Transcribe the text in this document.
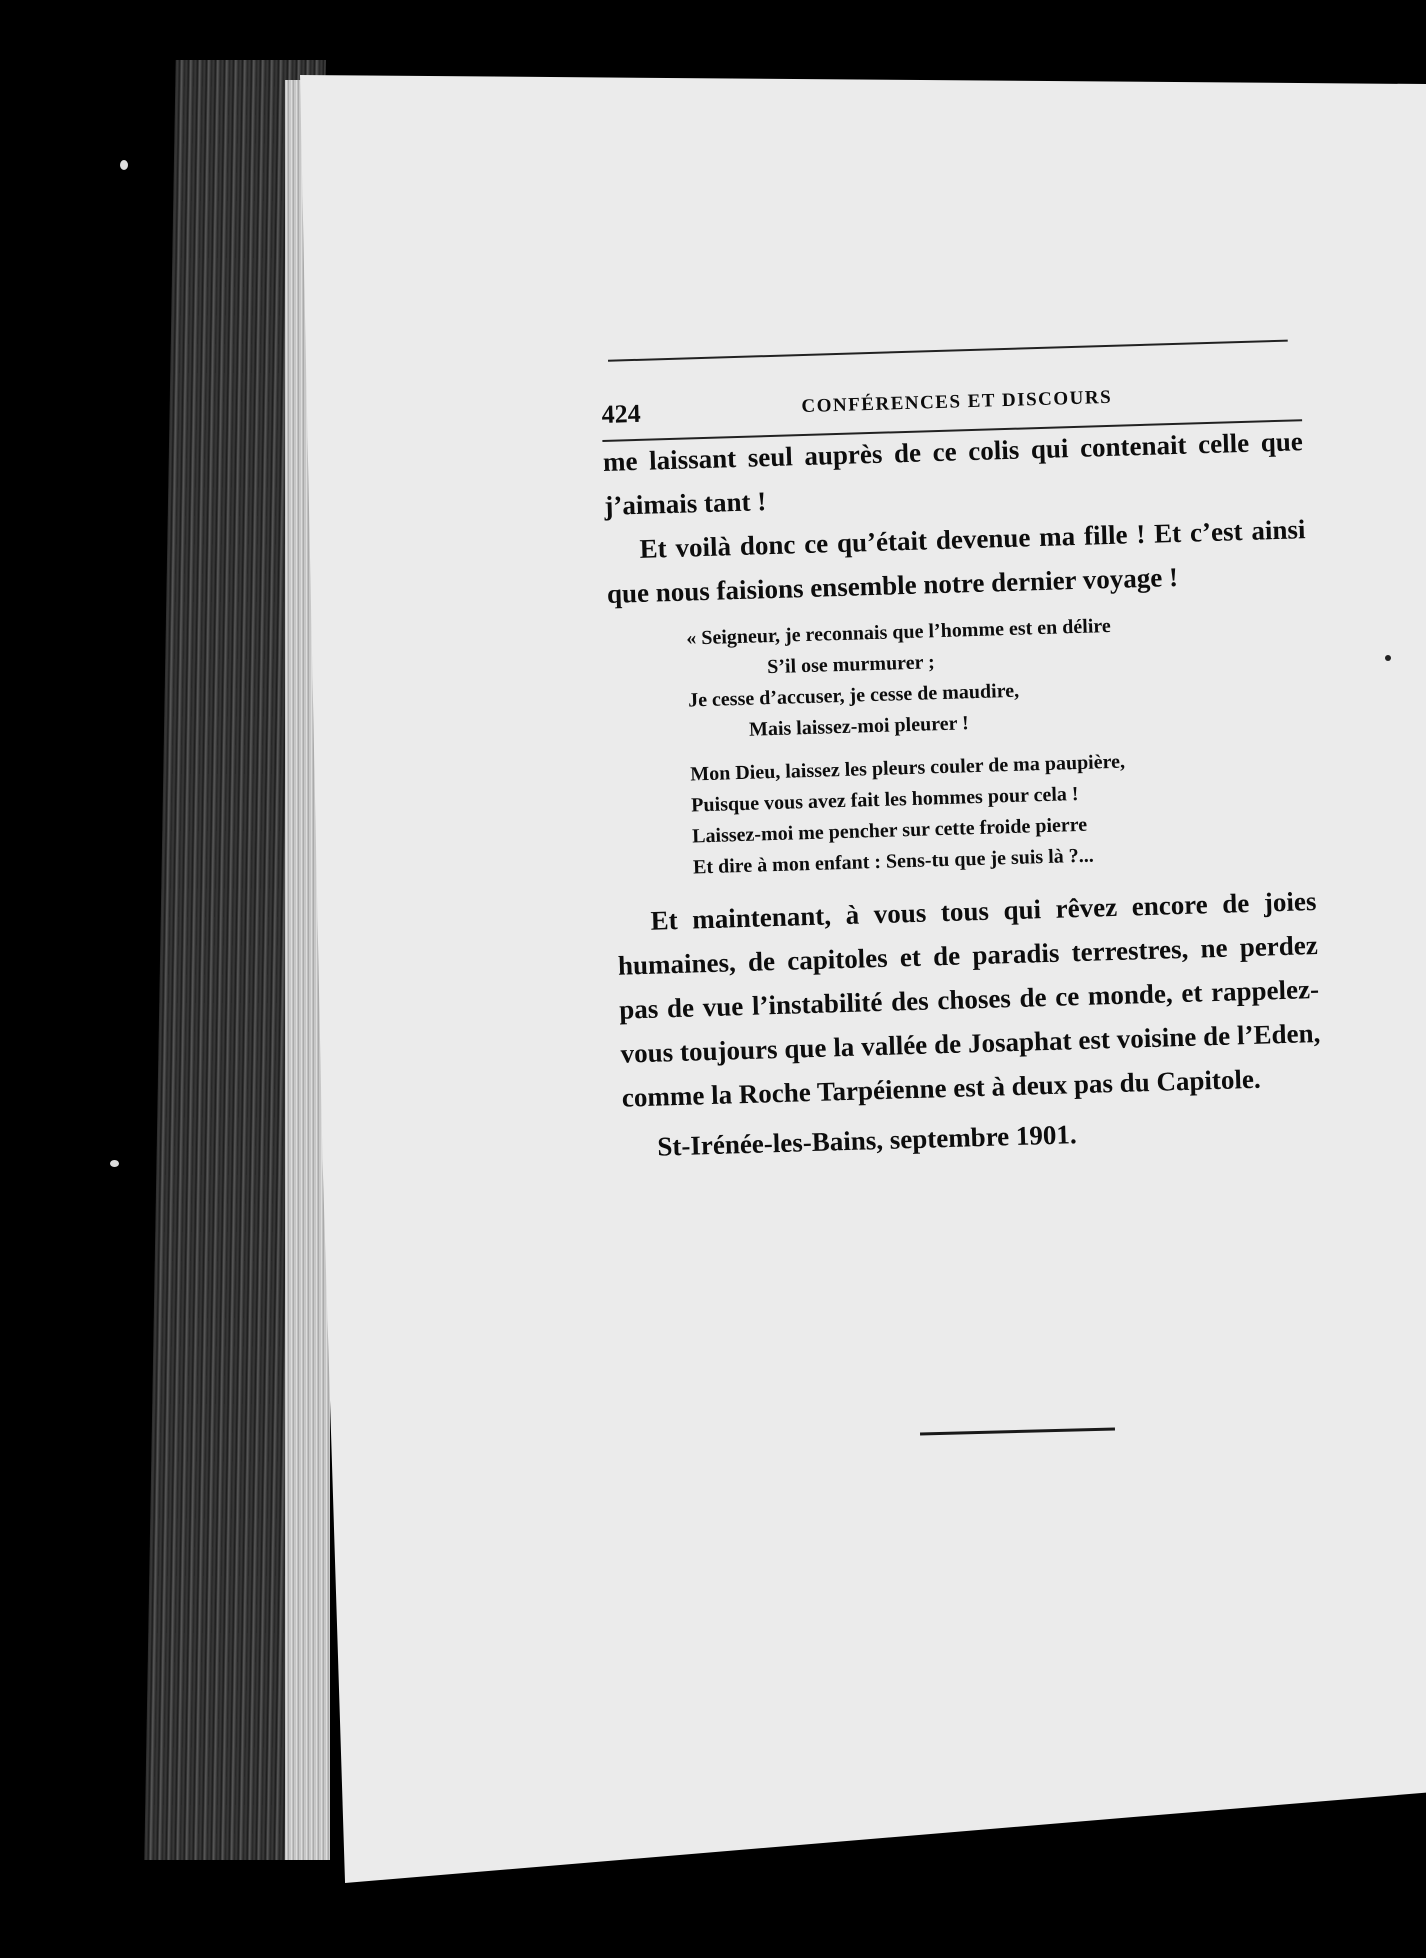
424	CONFÉRENCES ET DISCOURS

me laissant seul auprès de ce colis qui contenait celle que j’aimais tant !

Et voilà donc ce qu’était devenue ma fille ! Et c’est ainsi que nous faisions ensemble notre dernier voyage !

« Seigneur, je reconnais que l’homme est en délire

S’il ose murmurer ;

Je cesse d’accuser, je cesse de maudire,

Mais laissez-moi pleurer !

Mon Dieu, laissez les pleurs couler de ma paupière,

Puisque vous avez fait les hommes pour cela !

Laissez-moi me pencher sur cette froide pierre

Et dire à mon enfant : Sens-tu que je suis là ?...

Et maintenant, à vous tous qui rêvez encore de joies humaines, de capitoles et de paradis terrestres, ne perdez pas de vue l’instabilité des choses de ce monde, et rappelez-vous toujours que la vallée de Josaphat est voisine de l’Eden, comme la Roche Tarpéienne est à deux pas du Capitole.

St-Irénée-les-Bains, septembre 1901.
